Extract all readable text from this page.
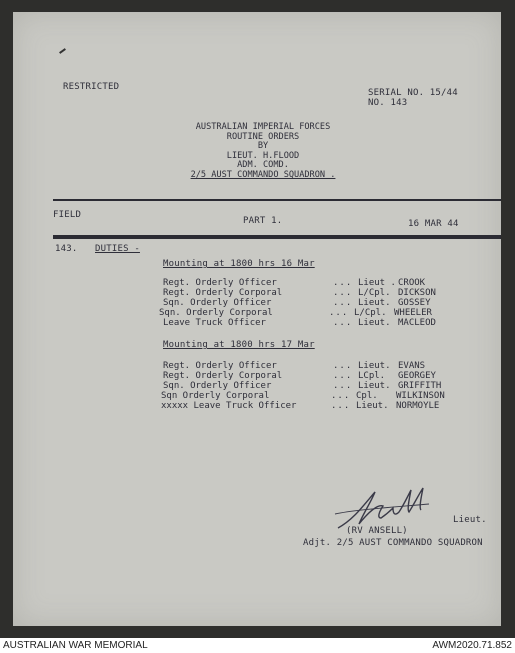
RESTRICTED
SERIAL NO. 15/44
NO. 143
AUSTRALIAN IMPERIAL FORCES
ROUTINE ORDERS
BY
LIEUT. H.FLOOD
ADM. COMD.
2/5 AUST COMMANDO SQUADRON .
FIELD
PART 1.	16 MAR 44
143. DUTIES -
Mounting at 1800 hrs 16 Mar
Regt. Orderly Officer	... Lieut . CROOK
Regt. Orderly Corporal	... L/Cpl. DICKSON
Sqn. Orderly Officer	... Lieut. GOSSEY
Sqn. Orderly Corporal	... L/Cpl. WHEELER
Leave Truck Officer	... Lieut. MACLEOD
Mounting at 1800 hrs 17 Mar
Regt. Orderly Officer	... Lieut. EVANS
Regt. Orderly Corporal	... LCpl. GEORGEY
Sqn. Orderly Officer	... Lieut. GRIFFITH
Sqn Orderly Corporal	... Cpl. WILKINSON
xxxxx Leave Truck Officer	... Lieut. NORMOYLE
Lieut.
(RV ANSELL)
Adjt. 2/5 AUST COMMANDO SQUADRON
AUSTRALIAN WAR MEMORIAL	AWM2020.71.852
